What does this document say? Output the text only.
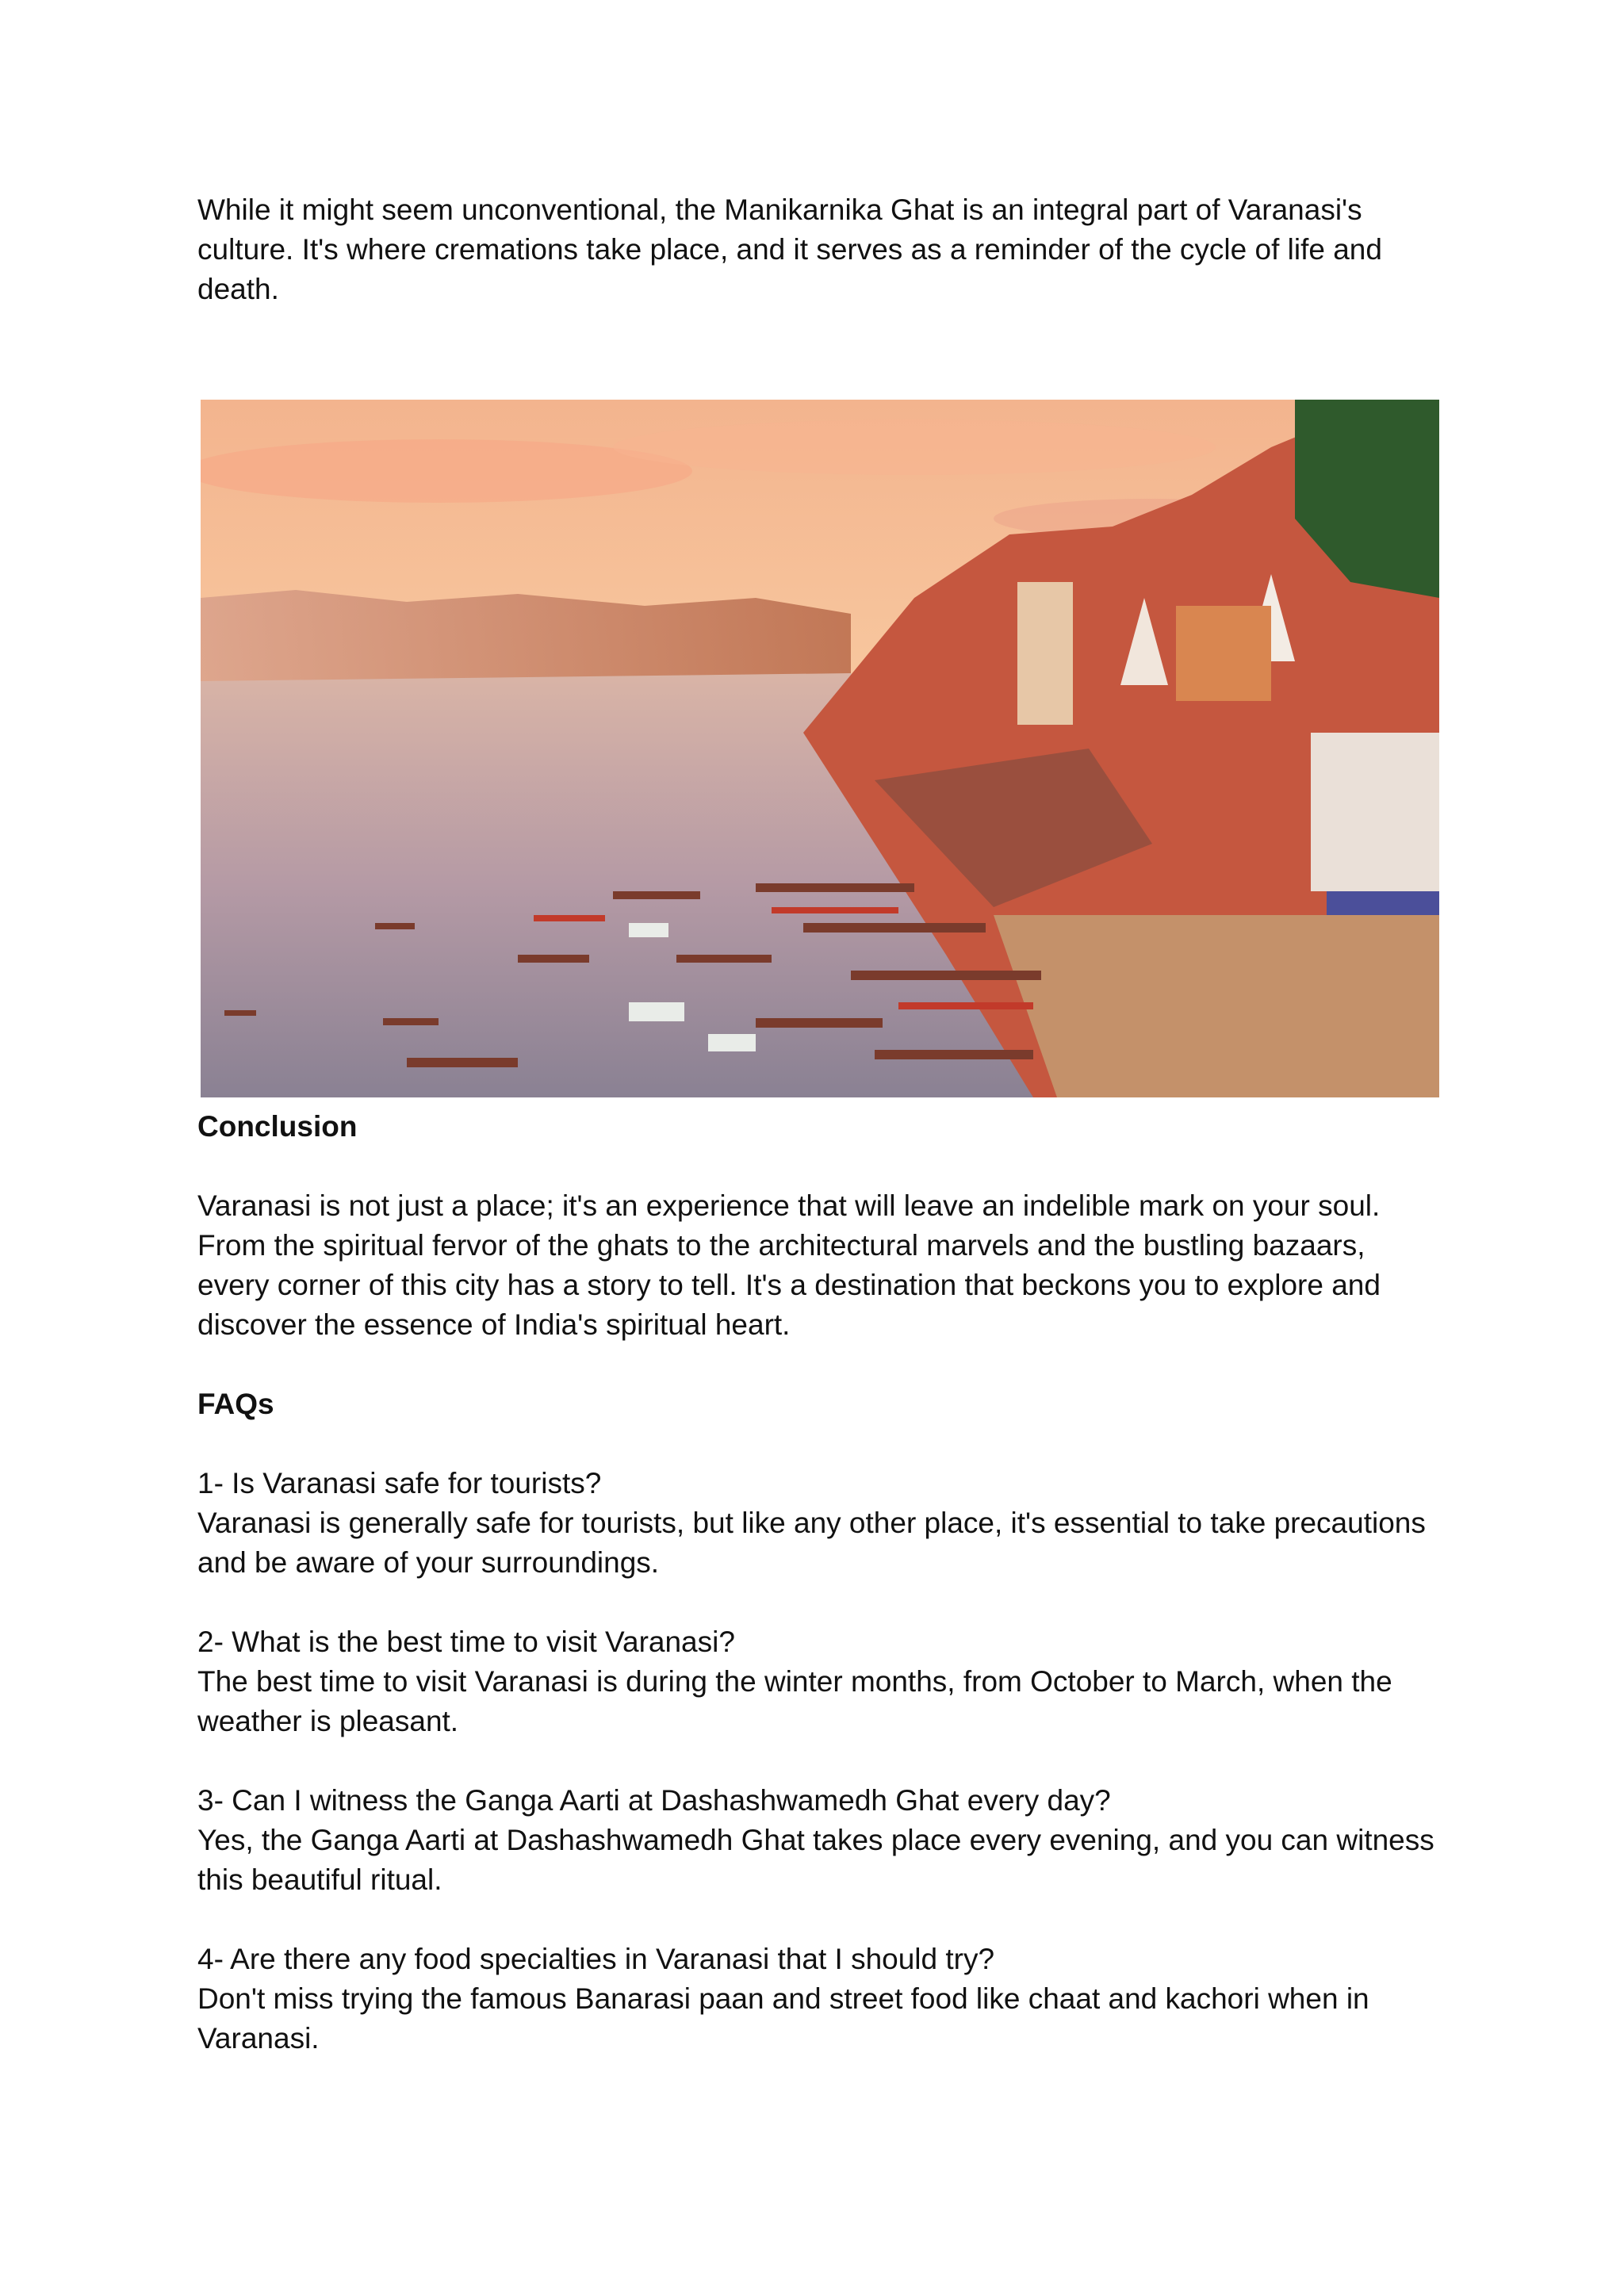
While it might seem unconventional, the Manikarnika Ghat is an integral part of Varanasi's culture. It's where cremations take place, and it serves as a reminder of the cycle of life and death.

Conclusion

Varanasi is not just a place; it's an experience that will leave an indelible mark on your soul. From the spiritual fervor of the ghats to the architectural marvels and the bustling bazaars, every corner of this city has a story to tell. It's a destination that beckons you to explore and discover the essence of India's spiritual heart.

FAQs
1- Is Varanasi safe for tourists?
Varanasi is generally safe for tourists, but like any other place, it's essential to take precautions and be aware of your surroundings.
2- What is the best time to visit Varanasi?
The best time to visit Varanasi is during the winter months, from October to March, when the weather is pleasant.
3- Can I witness the Ganga Aarti at Dashashwamedh Ghat every day?
Yes, the Ganga Aarti at Dashashwamedh Ghat takes place every evening, and you can witness this beautiful ritual.
4- Are there any food specialties in Varanasi that I should try?
Don't miss trying the famous Banarasi paan and street food like chaat and kachori when in Varanasi.
